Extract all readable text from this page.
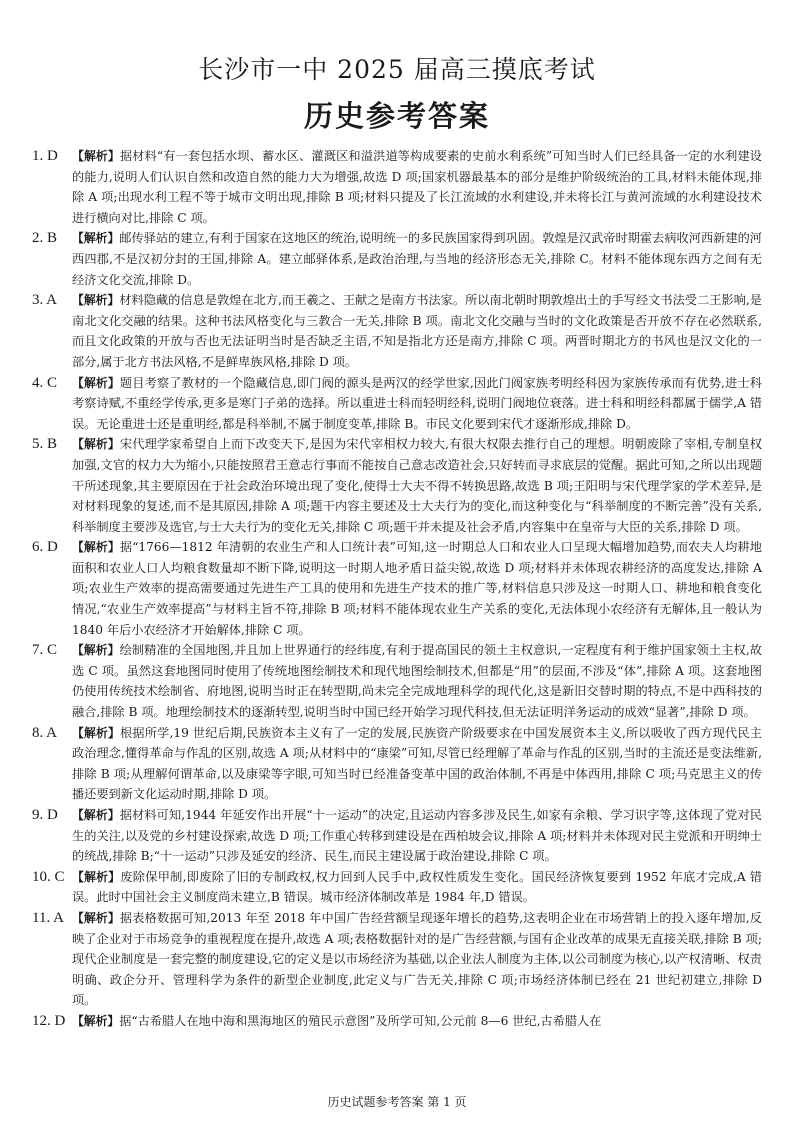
长沙市一中 2025 届高三摸底考试
历史参考答案
1. D	【解析】据材料“有一套包括水坝、蓄水区、灌溉区和溢洪道等构成要素的史前水利系统”可知当时人们已经具备一定的水利建设的能力,说明人们认识自然和改造自然的能力大为增强,故选 D 项;国家机器最基本的部分是维护阶级统治的工具,材料未能体现,排除 A 项;出现水利工程不等于城市文明出现,排除 B 项;材料只提及了长江流域的水利建设,并未将长江与黄河流域的水利建设技术进行横向对比,排除 C 项。
2. B	【解析】邮传驿站的建立,有利于国家在这地区的统治,说明统一的多民族国家得到巩固。敦煌是汉武帝时期霍去病收河西新建的河西四郡,不是汉初分封的王国,排除 A。建立邮驿体系,是政治治理,与当地的经济形态无关,排除 C。材料不能体现东西方之间有无经济文化交流,排除 D。
3. A	【解析】材料隐藏的信息是敦煌在北方,而王羲之、王献之是南方书法家。所以南北朝时期敦煌出土的手写经文书法受二王影响,是南北文化交融的结果。这种书法风格变化与三教合一无关,排除 B 项。南北文化交融与当时的文化政策是否开放不存在必然联系,而且文化政策的开放与否也无法证明当时是否缺乏主语,不知是指北方还是南方,排除 C 项。两晋时期北方的书风也是汉文化的一部分,属于北方书法风格,不是鲜卑族风格,排除 D 项。
4. C	【解析】题目考察了教材的一个隐藏信息,即门阀的源头是两汉的经学世家,因此门阀家族考明经科因为家族传承而有优势,进士科考察诗赋,不重经学传承,更多是寒门子弟的选择。所以重进士科而轻明经科,说明门阀地位衰落。进士科和明经科都属于儒学,A 错误。无论重进士还是重明经,都是科举制,不属于制度变革,排除 B。市民文化要到宋代才逐渐形成,排除 D。
5. B	【解析】宋代理学家希望自上而下改变天下,是因为宋代宰相权力较大,有很大权限去推行自己的理想。明朝废除了宰相,专制皇权加强,文官的权力大为缩小,只能按照君王意志行事而不能按自己意志改造社会,只好转而寻求底层的觉醒。据此可知,之所以出现题干所述现象,其主要原因在于社会政治环境出现了变化,使得士大夫不得不转换思路,故选 B 项;王阳明与宋代理学家的学术差异,是对材料现象的复述,而不是其原因,排除 A 项;题干内容主要述及士大夫行为的变化,而这种变化与“科举制度的不断完善”没有关系,科举制度主要涉及选官,与士大夫行为的变化无关,排除 C 项;题干并未提及社会矛盾,内容集中在皇帝与大臣的关系,排除 D 项。
6. D	【解析】据“1766—1812 年清朝的农业生产和人口统计表”可知,这一时期总人口和农业人口呈现大幅增加趋势,而农夫人均耕地面积和农业人口人均粮食数量却不断下降,说明这一时期人地矛盾日益尖锐,故选 D 项;材料并未体现农耕经济的高度发达,排除 A 项;农业生产效率的提高需要通过先进生产工具的使用和先进生产技术的推广等,材料信息只涉及这一时期人口、耕地和粮食变化情况,“农业生产效率提高”与材料主旨不符,排除 B 项;材料不能体现农业生产关系的变化,无法体现小农经济有无解体,且一般认为 1840 年后小农经济才开始解体,排除 C 项。
7. C	【解析】绘制精准的全国地图,并且加上世界通行的经纬度,有利于提高国民的领土主权意识,一定程度有利于维护国家领土主权,故选 C 项。虽然这套地图同时使用了传统地图绘制技术和现代地图绘制技术,但都是“用”的层面,不涉及“体”,排除 A 项。这套地图仍使用传统技术绘制省、府地图,说明当时正在转型期,尚未完全完成地理科学的现代化,这是新旧交替时期的特点,不是中西科技的融合,排除 B 项。地理绘制技术的逐渐转型,说明当时中国已经开始学习现代科技,但无法证明洋务运动的成效“显著”,排除 D 项。
8. A	【解析】根据所学,19 世纪后期,民族资本主义有了一定的发展,民族资产阶级要求在中国发展资本主义,所以吸收了西方现代民主政治理念,懂得革命与作乱的区别,故选 A 项;从材料中的“康梁”可知,尽管已经理解了革命与作乱的区别,当时的主流还是变法维新,排除 B 项;从理解何谓革命,以及康梁等字眼,可知当时已经准备变革中国的政治体制,不再是中体西用,排除 C 项;马克思主义的传播还要到新文化运动时期,排除 D 项。
9. D	【解析】据材料可知,1944 年延安作出开展“十一运动”的决定,且运动内容多涉及民生,如家有余粮、学习识字等,这体现了党对民生的关注,以及党的乡村建设探索,故选 D 项;工作重心转移到建设是在西柏坡会议,排除 A 项;材料并未体现对民主党派和开明绅士的统战,排除 B;“十一运动”只涉及延安的经济、民生,而民主建设属于政治建设,排除 C 项。
10. C 【解析】废除保甲制,即废除了旧的专制政权,权力回到人民手中,政权性质发生变化。国民经济恢复要到 1952 年底才完成,A 错误。此时中国社会主义制度尚未建立,B 错误。城市经济体制改革是 1984 年,D 错误。
11. A 【解析】据表格数据可知,2013 年至 2018 年中国广告经营额呈现逐年增长的趋势,这表明企业在市场营销上的投入逐年增加,反映了企业对于市场竞争的重视程度在提升,故选 A 项;表格数据针对的是广告经营额,与国有企业改革的成果无直接关联,排除 B 项;现代企业制度是一套完整的制度建设,它的定义是以市场经济为基础,以企业法人制度为主体,以公司制度为核心,以产权清晰、权责明确、政企分开、管理科学为条件的新型企业制度,此定义与广告无关,排除 C 项;市场经济体制已经在 21 世纪初建立,排除 D 项。
12. D 【解析】据“古希腊人在地中海和黑海地区的殖民示意图”及所学可知,公元前 8—6 世纪,古希腊人在
历史试题参考答案 第 1 页
